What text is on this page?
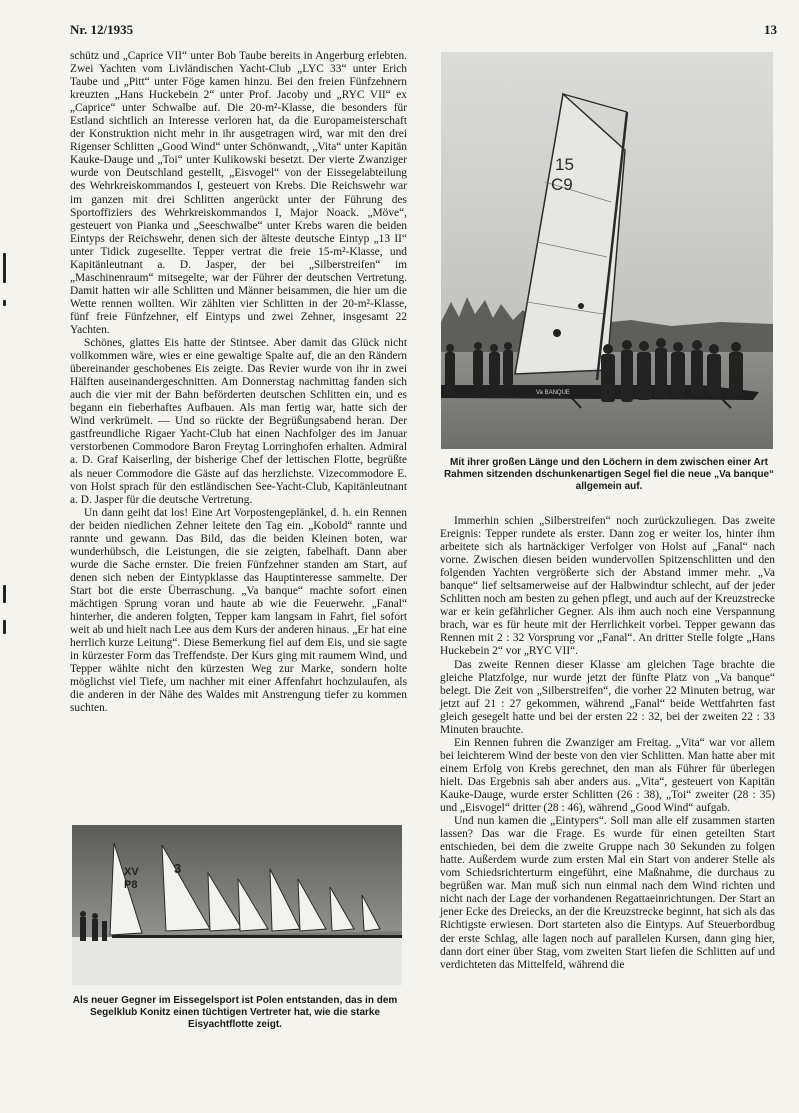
Nr. 12/1935	13

schütz und „Caprice VII“ unter Bob Taube bereits in Angerburg erlebten. Zwei Yachten vom Livländischen Yacht-Club „LYC 33“ unter Erich Taube und „Pitt“ unter Föge kamen hinzu. Bei den freien Fünfzehnern kreuzten „Hans Huckebein 2“ unter Prof. Jacoby und „RYC VII“ ex „Caprice“ unter Schwalbe auf. Die 20-m²-Klasse, die besonders für Estland sichtlich an Interesse verloren hat, da die Europameisterschaft der Konstruktion nicht mehr in ihr ausgetragen wird, war mit den drei Rigenser Schlitten „Good Wind“ unter Schönwandt, „Vita“ unter Kapitän Kauke-Dauge und „Toi“ unter Kulikowski besetzt. Der vierte Zwanziger wurde von Deutschland gestellt, „Eisvogel“ von der Eissegelabteilung des Wehrkreiskommandos I, gesteuert von Krebs. Die Reichswehr war im ganzen mit drei Schlitten angerückt unter der Führung des Sportoffiziers des Wehrkreiskommandos I, Major Noack. „Möve“, gesteuert von Pianka und „Seeschwalbe“ unter Krebs waren die beiden Eintyps der Reichswehr, denen sich der älteste deutsche Eintyp „13 II“ unter Tidick zugesellte. Tepper vertrat die freie 15-m²-Klasse, und Kapitänleutnant a. D. Jasper, der bei „Silberstreifen“ im „Maschinenraum“ mitsegelte, war der Führer der deutschen Vertretung. Damit hatten wir alle Schlitten und Männer beisammen, die hier um die Wette rennen wollten. Wir zählten vier Schlitten in der 20-m²-Klasse, fünf freie Fünfzehner, elf Eintyps und zwei Zehner, insgesamt 22 Yachten.

Schönes, glattes Eis hatte der Stintsee. Aber damit das Glück nicht vollkommen wäre, wies er eine gewaltige Spalte auf, die an den Rändern übereinander geschobenes Eis zeigte. Das Revier wurde von ihr in zwei Hälften auseinandergeschnitten. Am Donnerstag nachmittag fanden sich auch die vier mit der Bahn beförderten deutschen Schlitten ein, und es begann ein fieberhaftes Aufbauen. Als man fertig war, hatte sich der Wind verkrümelt. — Und so rückte der Begrüßungsabend heran. Der gastfreundliche Rigaer Yacht-Club hat einen Nachfolger des im Januar verstorbenen Commodore Baron Freytag Lorringhofen erhalten. Admiral a. D. Graf Kaiserling, der bisherige Chef der lettischen Flotte, begrüßte als neuer Commodore die Gäste auf das herzlichste. Vizecommodore E. von Holst sprach für den estländischen See-Yacht-Club, Kapitänleutnant a. D. Jasper für die deutsche Vertretung.

Un dann geiht dat los! Eine Art Vorpostengeplänkel, d. h. ein Rennen der beiden niedlichen Zehner leitete den Tag ein. „Kobold“ rannte und rannte und gewann. Das Bild, das die beiden Kleinen boten, war wunderhübsch, die Leistungen, die sie zeigten, fabelhaft. Dann aber wurde die Sache ernster. Die freien Fünfzehner standen am Start, auf denen sich neben der Eintypklasse das Hauptinteresse sammelte. Der Start bot die erste Überraschung. „Va banque“ machte sofort einen mächtigen Sprung voran und haute ab wie die Feuerwehr. „Fanal“ hinterher, die anderen folgten, Tepper kam langsam in Fahrt, fiel sofort weit ab und hielt nach Lee aus dem Kurs der anderen hinaus. „Er hat eine herrlich kurze Leitung“. Diese Bemerkung fiel auf dem Eis, und sie sagte in kürzester Form das Treffendste. Der Kurs ging mit raumem Wind, und Tepper wählte nicht den kürzesten Weg zur Marke, sondern holte möglichst viel Tiefe, um nachher mit einer Affenfahrt hochzulaufen, als die anderen in der Nähe des Waldes mit Anstrengung tiefer zu kommen suchten.

15
C9
Va BANQUE
Mit ihrer großen Länge und den Löchern in dem zwischen einer Art Rahmen sitzenden dschunkenartigen Segel fiel die neue „Va banque“ allgemein auf.

Immerhin schien „Silberstreifen“ noch zurückzuliegen. Das zweite Ereignis: Tepper rundete als erster. Dann zog er weiter los, hinter ihm arbeitete sich als hartnäckiger Verfolger von Holst auf „Fanal“ nach vorne. Zwischen diesen beiden wundervollen Spitzenschlitten und den folgenden Yachten vergrößerte sich der Abstand immer mehr. „Va banque“ lief seltsamerweise auf der Halbwindtur schlecht, auf der jeder Schlitten noch am besten zu gehen pflegt, und auch auf der Kreuzstrecke war er kein gefährlicher Gegner. Als ihm auch noch eine Verspannung brach, war es für heute mit der Herrlichkeit vorbei. Tepper gewann das Rennen mit 2 : 32 Vorsprung vor „Fanal“. An dritter Stelle folgte „Hans Huckebein 2“ vor „RYC VII“.

Das zweite Rennen dieser Klasse am gleichen Tage brachte die gleiche Platzfolge, nur wurde jetzt der fünfte Platz von „Va banque“ belegt. Die Zeit von „Silberstreifen“, die vorher 22 Minuten betrug, war jetzt auf 21 : 27 gekommen, während „Fanal“ beide Wettfahrten fast gleich gesegelt hatte und bei der ersten 22 : 32, bei der zweiten 22 : 33 Minuten brauchte.

Ein Rennen fuhren die Zwanziger am Freitag. „Vita“ war vor allem bei leichterem Wind der beste von den vier Schlitten. Man hatte aber mit einem Erfolg von Krebs gerechnet, den man als Führer für überlegen hielt. Das Ergebnis sah aber anders aus. „Vita“, gesteuert von Kapitän Kauke-Dauge, wurde erster Schlitten (26 : 38), „Toi“ zweiter (28 : 35) und „Eisvogel“ dritter (28 : 46), während „Good Wind“ aufgab.

Und nun kamen die „Eintypers“. Soll man alle elf zusammen starten lassen? Das war die Frage. Es wurde für einen geteilten Start entschieden, bei dem die zweite Gruppe nach 30 Sekunden zu folgen hatte. Außerdem wurde zum ersten Mal ein Start von anderer Stelle als vom Schiedsrichterturm eingeführt, eine Maßnahme, die durchaus zu begrüßen war. Man muß sich nun einmal nach dem Wind richten und nicht nach der Lage der vorhandenen Regattaeinrichtungen. Der Start an jener Ecke des Dreiecks, an der die Kreuzstrecke beginnt, hat sich als das Richtigste erwiesen. Dort starteten also die Eintyps. Auf Steuerbordbug der erste Schlag, alle lagen noch auf parallelen Kursen, dann ging hier, dann dort einer über Stag, vom zweiten Start liefen die Schlitten auf und verdichteten das Mittelfeld, während die

XV
P8
3
Als neuer Gegner im Eissegelsport ist Polen entstanden, das in dem Segelklub Konitz einen tüchtigen Vertreter hat, wie die starke Eisyachtflotte zeigt.
